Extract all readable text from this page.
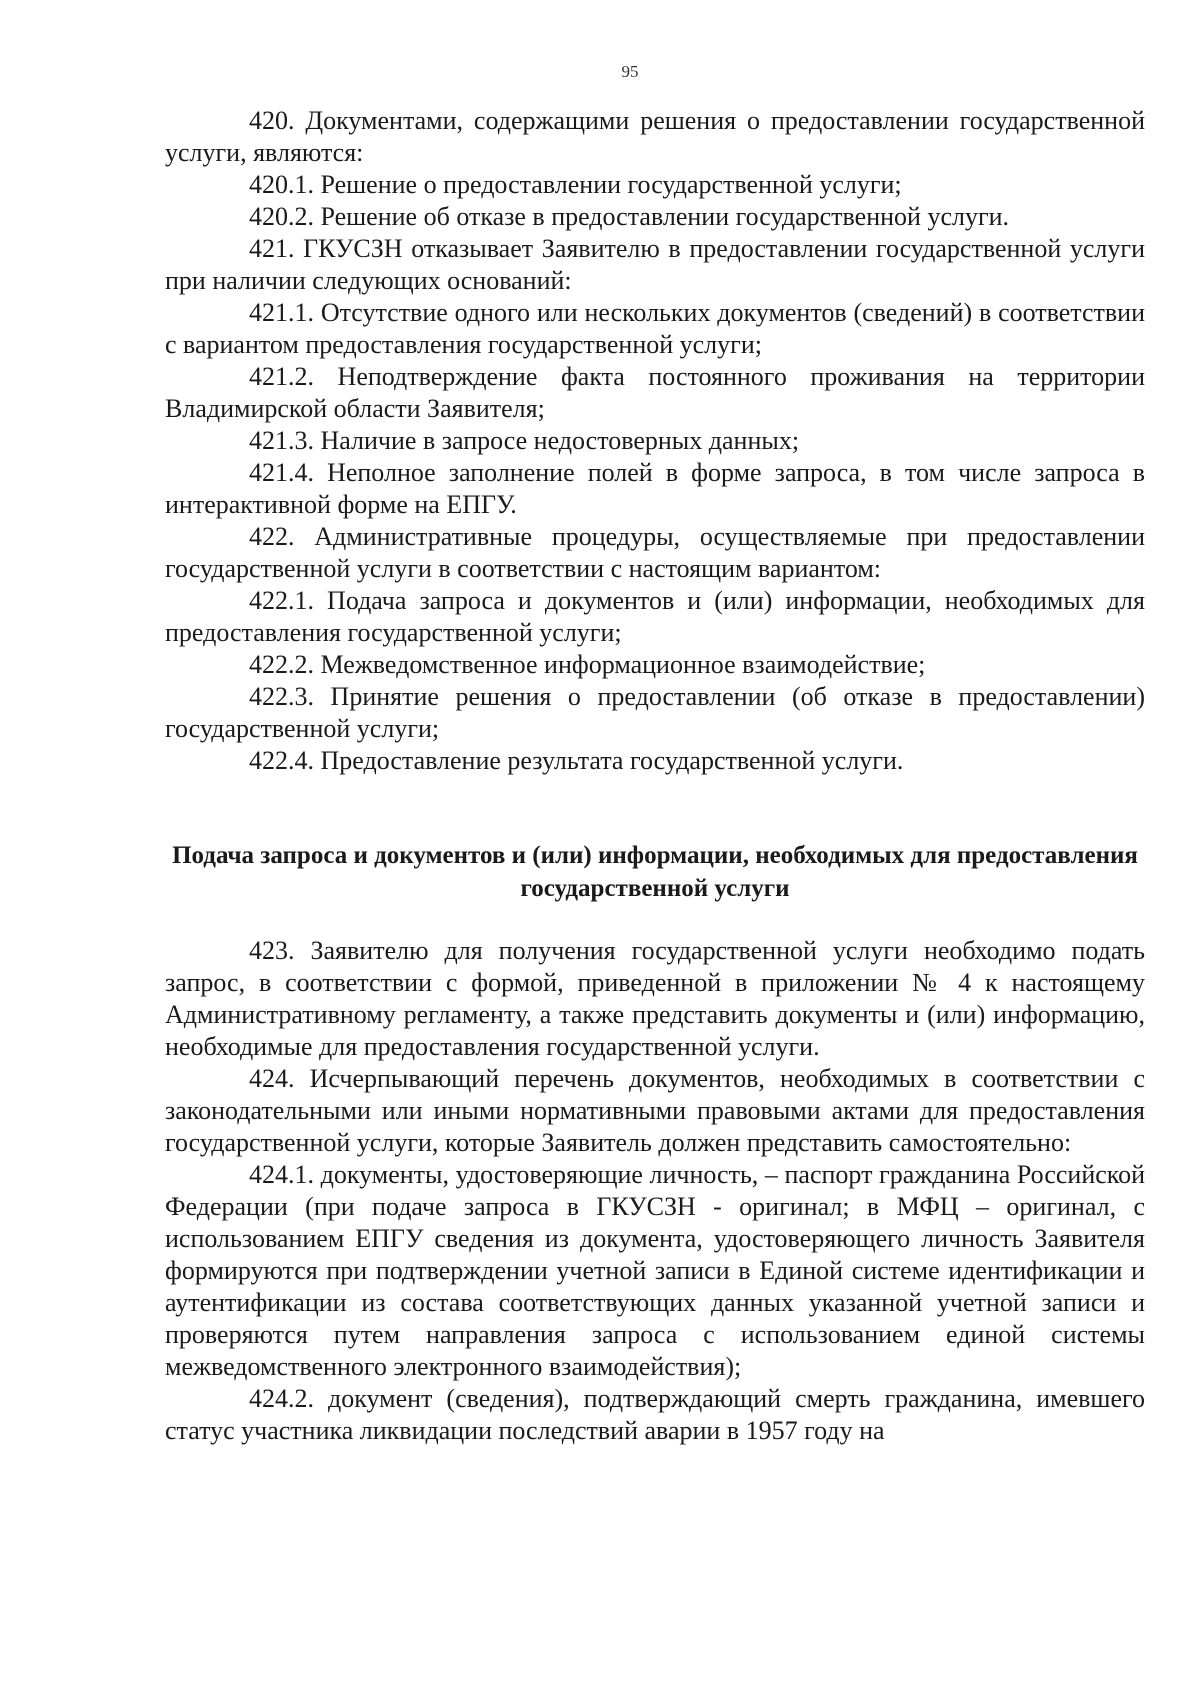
95

420. Документами, содержащими решения о предоставлении государственной услуги, являются:

420.1. Решение о предоставлении государственной услуги;

420.2. Решение об отказе в предоставлении государственной услуги.

421. ГКУСЗН отказывает Заявителю в предоставлении государственной услуги при наличии следующих оснований:

421.1. Отсутствие одного или нескольких документов (сведений) в соответствии с вариантом предоставления государственной услуги;

421.2. Неподтверждение факта постоянного проживания на территории Владимирской области Заявителя;

421.3. Наличие в запросе недостоверных данных;

421.4. Неполное заполнение полей в форме запроса, в том числе запроса в интерактивной форме на ЕПГУ.

422. Административные процедуры, осуществляемые при предоставлении государственной услуги в соответствии с настоящим вариантом:

422.1. Подача запроса и документов и (или) информации, необходимых для предоставления государственной услуги;

422.2. Межведомственное информационное взаимодействие;

422.3. Принятие решения о предоставлении (об отказе в предоставлении) государственной услуги;

422.4. Предоставление результата государственной услуги.

Подача запроса и документов и (или) информации, необходимых для предоставления государственной услуги

423. Заявителю для получения государственной услуги необходимо подать запрос, в соответствии с формой, приведенной в приложении № 4 к настоящему Административному регламенту, а также представить документы и (или) информацию, необходимые для предоставления государственной услуги.

424. Исчерпывающий перечень документов, необходимых в соответствии с законодательными или иными нормативными правовыми актами для предоставления государственной услуги, которые Заявитель должен представить самостоятельно:

424.1. документы, удостоверяющие личность, – паспорт гражданина Российской Федерации (при подаче запроса в ГКУСЗН - оригинал; в МФЦ – оригинал, с использованием ЕПГУ сведения из документа, удостоверяющего личность Заявителя формируются при подтверждении учетной записи в Единой системе идентификации и аутентификации из состава соответствующих данных указанной учетной записи и проверяются путем направления запроса с использованием единой системы межведомственного электронного взаимодействия);

424.2. документ (сведения), подтверждающий смерть гражданина, имевшего статус участника ликвидации последствий аварии в 1957 году на
